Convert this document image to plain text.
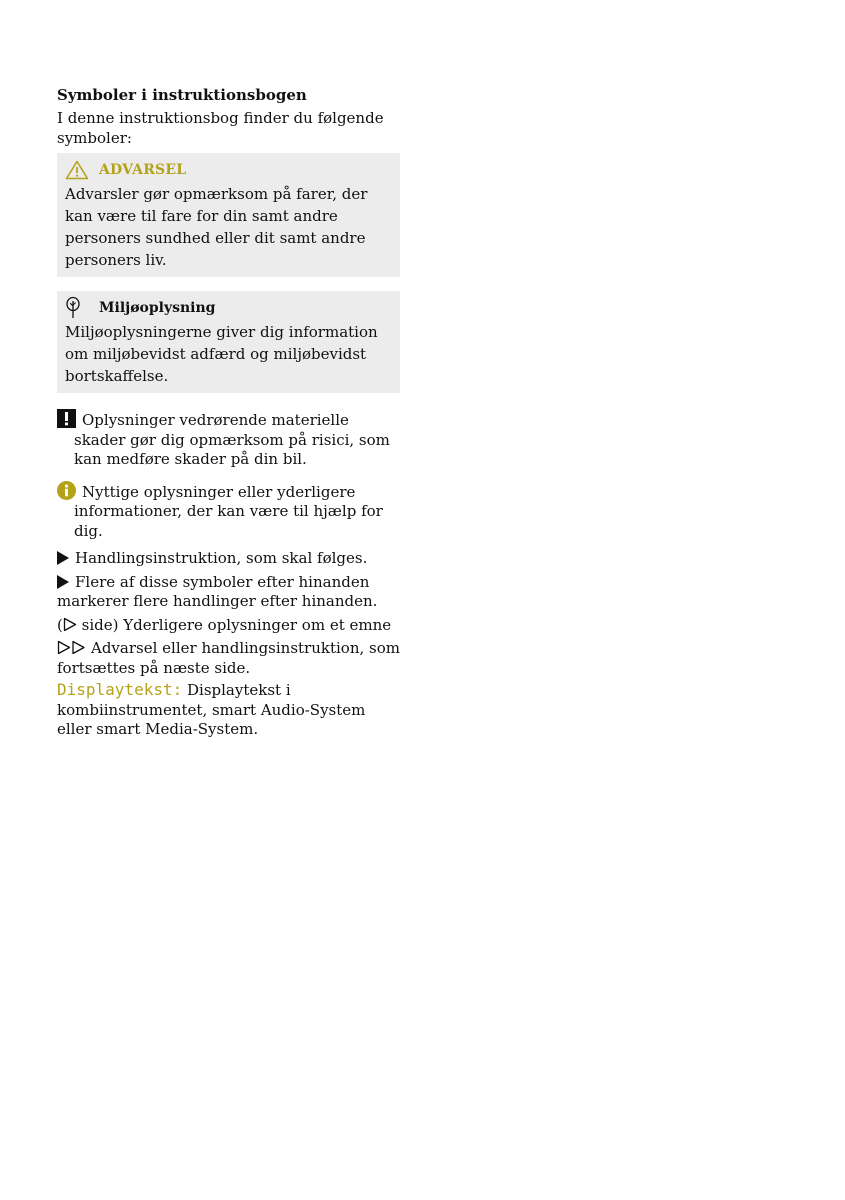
Symboler i instruktionsbogen

I denne instruktionsbog finder du følgende symboler:

ADVARSEL
Advarsler gør opmærksom på farer, der kan være til fare for din samt andre personers sundhed eller dit samt andre personers liv.
Miljøoplysning
Miljøoplysningerne giver dig information om miljøbevidst adfærd og miljøbevidst bortskaffelse.
Oplysninger vedrørende materielle skader gør dig opmærksom på risici, som kan medføre skader på din bil.
Nyttige oplysninger eller yderligere informationer, der kan være til hjælp for dig.
Handlingsinstruktion, som skal følges.
Flere af disse symboler efter hinanden markerer flere handlinger efter hinanden.
( side) Yderligere oplysninger om et emne
Advarsel eller handlingsinstruktion, som fortsættes på næste side.
Displaytekst: Displaytekst i kombiinstrumentet, smart Audio-System eller smart Media-System.
